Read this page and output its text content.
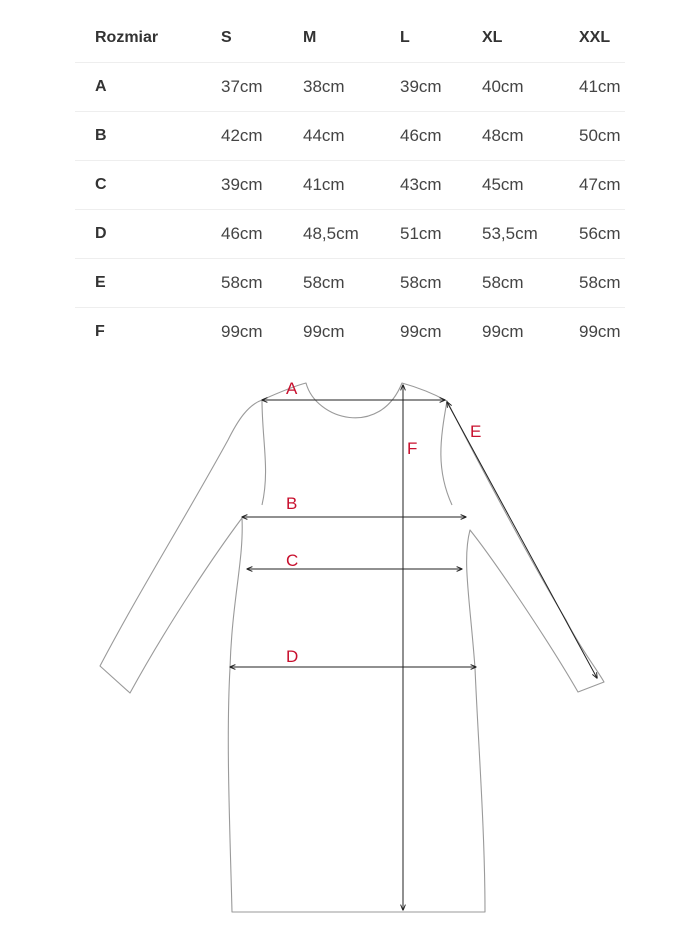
Rozmiar	S	M	L	XL	XXL
A	37cm	38cm	39cm	40cm	41cm
B	42cm	44cm	46cm	48cm	50cm
C	39cm	41cm	43cm	45cm	47cm
D	46cm	48,5cm	51cm	53,5cm	56cm
E	58cm	58cm	58cm	58cm	58cm
F	99cm	99cm	99cm	99cm	99cm
A
B
C
D
E
F
